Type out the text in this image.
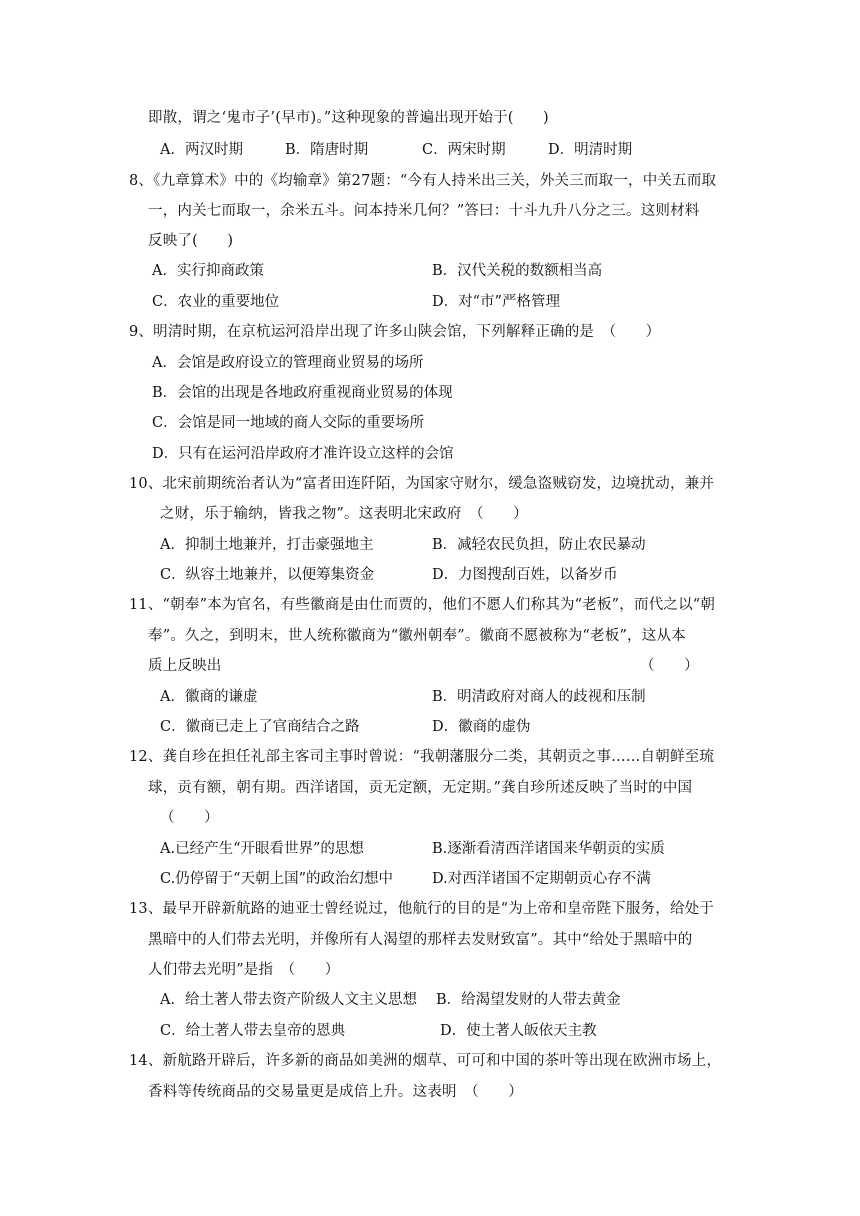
即散，谓之‘鬼市子’(早市)。”这种现象的普遍出现开始于(　　)
A．两汉时期	B．隋唐时期	C．两宋时期	D．明清时期
8、《九章算术》中的《均输章》第27题：“今有人持米出三关，外关三而取一，中关五而取
一，内关七而取一，余米五斗。问本持米几何？”答曰：十斗九升八分之三。这则材料
反映了(　　)
A．实行抑商政策	B．汉代关税的数额相当高
C．农业的重要地位	D．对“市”严格管理
9、明清时期，在京杭运河沿岸出现了许多山陕会馆，下列解释正确的是　（　　）
A．会馆是政府设立的管理商业贸易的场所
B．会馆的出现是各地政府重视商业贸易的体现
C．会馆是同一地域的商人交际的重要场所
D．只有在运河沿岸政府才准许设立这样的会馆
10、北宋前期统治者认为“富者田连阡陌，为国家守财尔，缓急盗贼窃发，边境扰动，兼并
之财，乐于输纳，皆我之物”。这表明北宋政府　（　　）
A．抑制土地兼并，打击豪强地主	B．减轻农民负担，防止农民暴动
C．纵容土地兼并，以便筹集资金	D．力图搜刮百姓，以备岁币
11、“朝奉”本为官名，有些徽商是由仕而贾的，他们不愿人们称其为“老板”，而代之以“朝
奉”。久之，到明末，世人统称徽商为“徽州朝奉”。徽商不愿被称为“老板”，这从本
质上反映出	（　　）
A．徽商的谦虚	B．明清政府对商人的歧视和压制
C．徽商已走上了官商结合之路	D．徽商的虚伪
12、龚自珍在担任礼部主客司主事时曾说：“我朝藩服分二类，其朝贡之事……自朝鲜至琉
球，贡有额，朝有期。西洋诸国，贡无定额，无定期。”龚自珍所述反映了当时的中国
（　　）
A.已经产生“开眼看世界”的思想	B.逐渐看清西洋诸国来华朝贡的实质
C.仍停留于“天朝上国”的政治幻想中	D.对西洋诸国不定期朝贡心存不满
13、最早开辟新航路的迪亚士曾经说过，他航行的目的是“为上帝和皇帝陛下服务，给处于
黑暗中的人们带去光明，并像所有人渴望的那样去发财致富”。其中“给处于黑暗中的
人们带去光明”是指　（　　）
A．给土著人带去资产阶级人文主义思想 B．给渴望发财的人带去黄金
C．给土著人带去皇帝的恩典	D．使土著人皈依天主教
14、新航路开辟后，许多新的商品如美洲的烟草、可可和中国的茶叶等出现在欧洲市场上，
香料等传统商品的交易量更是成倍上升。这表明　（　　）
